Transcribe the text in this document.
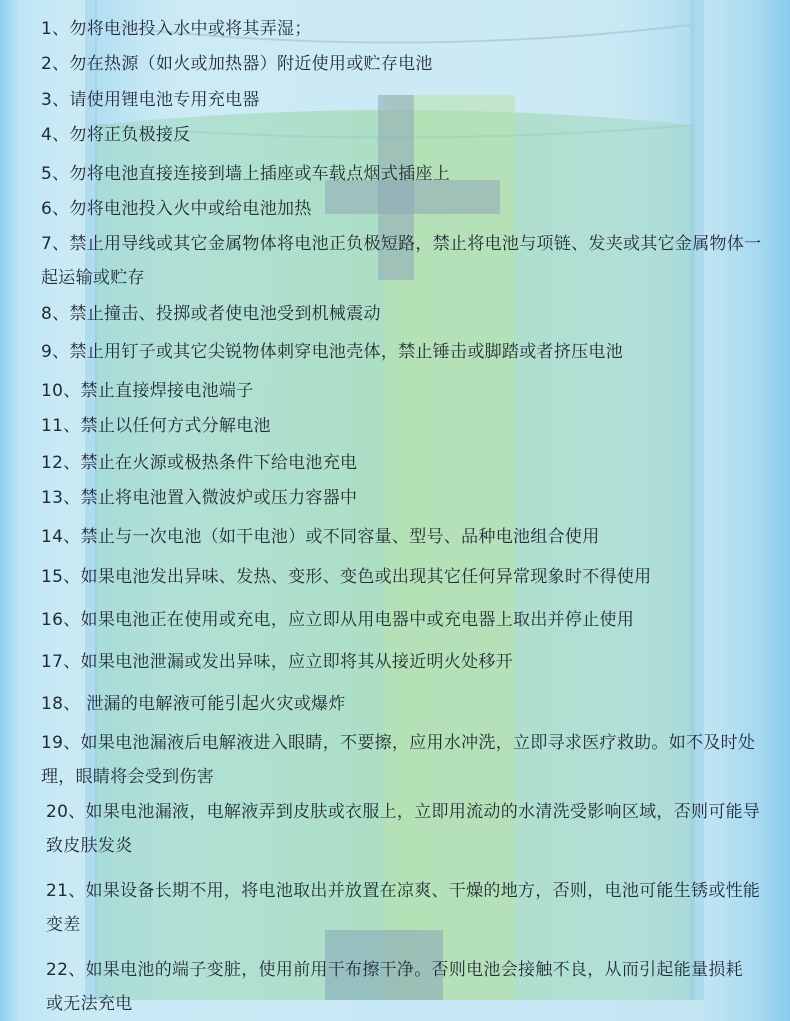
1、勿将电池投入水中或将其弄湿；
2、勿在热源（如火或加热器）附近使用或贮存电池
3、请使用锂电池专用充电器
4、勿将正负极接反
5、勿将电池直接连接到墙上插座或车载点烟式插座上
6、勿将电池投入火中或给电池加热
7、禁止用导线或其它金属物体将电池正负极短路，禁止将电池与项链、发夹或其它金属物体一起运输或贮存
8、禁止撞击、投掷或者使电池受到机械震动
9、禁止用钉子或其它尖锐物体刺穿电池壳体，禁止锤击或脚踏或者挤压电池
10、禁止直接焊接电池端子
11、禁止以任何方式分解电池
12、禁止在火源或极热条件下给电池充电
13、禁止将电池置入微波炉或压力容器中
14、禁止与一次电池（如干电池）或不同容量、型号、品种电池组合使用
15、如果电池发出异味、发热、变形、变色或出现其它任何异常现象时不得使用
16、如果电池正在使用或充电，应立即从用电器中或充电器上取出并停止使用
17、如果电池泄漏或发出异味，应立即将其从接近明火处移开
18、 泄漏的电解液可能引起火灾或爆炸
19、如果电池漏液后电解液进入眼睛，不要擦，应用水冲洗，立即寻求医疗救助。如不及时处理，眼睛将会受到伤害
20、如果电池漏液，电解液弄到皮肤或衣服上，立即用流动的水清洗受影响区域，否则可能导致皮肤发炎
21、如果设备长期不用，将电池取出并放置在凉爽、干燥的地方，否则，电池可能生锈或性能变差
22、如果电池的端子变脏，使用前用干布擦干净。否则电池会接触不良，从而引起能量损耗或无法充电
